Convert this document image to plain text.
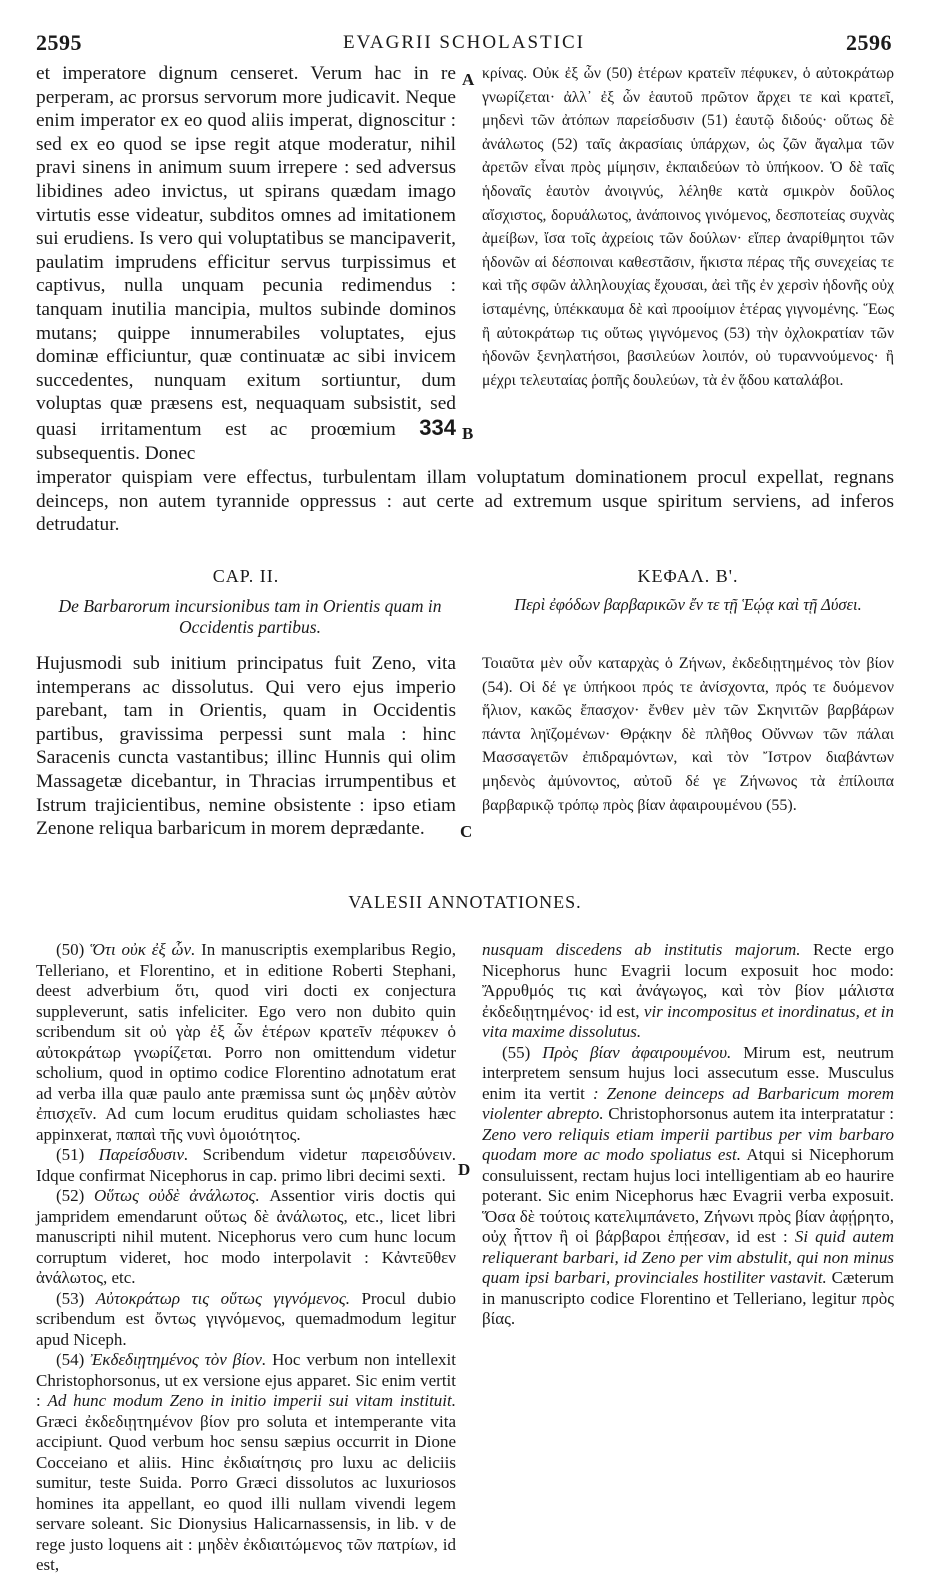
2595	EVAGRII SCHOLASTICI	2596
et imperatore dignum censeret. Verum hac in re perperam, ac prorsus servorum more judicavit. Neque enim imperator ex eo quod aliis imperat, dignoscitur : sed ex eo quod se ipse regit atque moderatur, nihil pravi sinens in animum suum irrepere : sed adversus libidines adeo invictus, ut spirans quædam imago virtutis esse videatur, subditos omnes ad imitationem sui erudiens. Is vero qui voluptatibus se mancipaverit, paulatim imprudens efficitur servus turpissimus et captivus, nulla unquam pecunia redimendus : tanquam inutilia mancipia, multos subinde dominos mutans; quippe innumerabiles voluptates, ejus dominæ efficiuntur, quæ continuatæ ac sibi invicem succedentes, nunquam exitum sortiuntur, dum voluptas quæ præsens est, nequaquam subsistit, sed quasi irritamentum est ac proœmium 334 subsequentis. Donec
κρίνας. Οὐκ ἐξ ὧν (50) ἑτέρων κρατεῖν πέφυκεν, ὁ αὐτοκράτωρ γνωρίζεται· ἀλλ᾽ ἐξ ὧν ἑαυτοῦ πρῶτον ἄρχει τε καὶ κρατεῖ, μηδενὶ τῶν ἀτόπων παρείσδυσιν (51) ἑαυτῷ διδούς· οὕτως δὲ ἀνάλωτος (52) ταῖς ἀκρασίαις ὑπάρχων, ὡς ζῶν ἄγαλμα τῶν ἀρετῶν εἶναι πρὸς μίμησιν, ἐκπαιδεύων τὸ ὑπήκοον. Ὁ δὲ ταῖς ἡδοναῖς ἑαυτὸν ἀνοιγνύς, λέληθε κατὰ σμικρὸν δοῦλος αἴσχιστος, δορυάλωτος, ἀνάποινος γινόμενος, δεσποτείας συχνὰς ἀμείβων, ἴσα τοῖς ἀχρείοις τῶν δούλων· εἴπερ ἀναρίθμητοι τῶν ἡδονῶν αἱ δέσποιναι καθεστᾶσιν, ἥκιστα πέρας τῆς συνεχείας τε καὶ τῆς σφῶν ἀλληλουχίας ἔχουσαι, ἀεὶ τῆς ἐν χερσὶν ἡδονῆς οὐχ ἱσταμένης, ὑπέκκαυμα δὲ καὶ προοίμιον ἑτέρας γιγνομένης. Ἕως ἢ αὐτοκράτωρ τις οὕτως γιγνόμενος (53) τὴν ὀχλοκρατίαν τῶν ἡδονῶν ξενηλατήσοι, βασιλεύων λοιπόν, οὐ τυραννούμενος· ἢ μέχρι τελευταίας ῥοπῆς δουλεύων, τὰ ἐν ᾅδου καταλάβοι.
imperator quispiam vere effectus, turbulentam illam voluptatum dominationem procul expellat, regnans deinceps, non autem tyrannide oppressus : aut certe ad extremum usque spiritum serviens, ad inferos detrudatur.
A
B
C
D
CAP. II.	ΚΕΦΑΛ. Β'.
De Barbarorum incursionibus tam in Orientis quam in Occidentis partibus.
Περὶ ἐφόδων βαρβαρικῶν ἔν τε τῇ Ἑῴᾳ καὶ τῇ Δύσει.
Hujusmodi sub initium principatus fuit Zeno, vita intemperans ac dissolutus. Qui vero ejus imperio parebant, tam in Orientis, quam in Occidentis partibus, gravissima perpessi sunt mala : hinc Saracenis cuncta vastantibus; illinc Hunnis qui olim Massagetæ dicebantur, in Thracias irrumpentibus et Istrum trajicientibus, nemine obsistente : ipso etiam Zenone reliqua barbaricum in morem deprædante.
Τοιαῦτα μὲν οὖν καταρχὰς ὁ Ζήνων, ἐκδεδιῃτημένος τὸν βίον (54). Οἱ δέ γε ὑπήκοοι πρός τε ἀνίσχοντα, πρός τε δυόμενον ἥλιον, κακῶς ἔπασχον· ἔνθεν μὲν τῶν Σκηνιτῶν βαρβάρων πάντα ληϊζομένων· Θρᾴκην δὲ πλῆθος Οὔννων τῶν πάλαι Μασσαγετῶν ἐπιδραμόντων, καὶ τὸν Ἴστρον διαβάντων μηδενὸς ἀμύνοντος, αὐτοῦ δέ γε Ζήνωνος τὰ ἐπίλοιπα βαρβαρικῷ τρόπῳ πρὸς βίαν ἀφαιρουμένου (55).
VALESII ANNOTATIONES.

(50) Ὅτι οὐκ ἐξ ὧν. In manuscriptis exemplaribus Regio, Telleriano, et Florentino, et in editione Roberti Stephani, deest adverbium ὅτι, quod viri docti ex conjectura suppleverunt, satis infeliciter. Ego vero non dubito quin scribendum sit οὐ γὰρ ἐξ ὧν ἑτέρων κρατεῖν πέφυκεν ὁ αὐτοκράτωρ γνωρίζεται. Porro non omittendum videtur scholium, quod in optimo codice Florentino adnotatum erat ad verba illa quæ paulo ante præmissa sunt ὡς μηδὲν αὐτὸν ἐπισχεῖν. Ad cum locum eruditus quidam scholiastes hæc appinxerat, παπαὶ τῆς νυνὶ ὁμοιότητος.

(51) Παρείσδυσιν. Scribendum videtur παρεισδύνειν. Idque confirmat Nicephorus in cap. primo libri decimi sexti.

(52) Οὕτως οὐδὲ ἀνάλωτος. Assentior viris doctis qui jampridem emendarunt οὕτως δὲ ἀνάλωτος, etc., licet libri manuscripti nihil mutent. Nicephorus vero cum hunc locum corruptum videret, hoc modo interpolavit : Κἀντεῦθεν ἀνάλωτος, etc.

(53) Αὐτοκράτωρ τις οὕτως γιγνόμενος. Procul dubio scribendum est ὄντως γιγνόμενος, quemadmodum legitur apud Niceph.

(54) Ἐκδεδιῃτημένος τὸν βίον. Hoc verbum non intellexit Christophorsonus, ut ex versione ejus apparet. Sic enim vertit : Ad hunc modum Zeno in initio imperii sui vitam instituit. Græci ἐκδεδιῃτημένον βίον pro soluta et intemperante vita accipiunt. Quod verbum hoc sensu sæpius occurrit in Dione Cocceiano et aliis. Hinc ἐκδιαίτησις pro luxu ac deliciis sumitur, teste Suida. Porro Græci dissolutos ac luxuriosos homines ita appellant, eo quod illi nullam vivendi legem servare soleant. Sic Dionysius Halicarnassensis, in lib. v de rege justo loquens ait : μηδὲν ἐκδιαιτώμενος τῶν πατρίων, id est,

nusquam discedens ab institutis majorum. Recte ergo Nicephorus hunc Evagrii locum exposuit hoc modo: Ἄρρυθμός τις καὶ ἀνάγωγος, καὶ τὸν βίον μάλιστα ἐκδεδιῃτημένος· id est, vir incompositus et inordinatus, et in vita maxime dissolutus.

(55) Πρὸς βίαν ἀφαιρουμένου. Mirum est, neutrum interpretem sensum hujus loci assecutum esse. Musculus enim ita vertit : Zenone deinceps ad Barbaricum morem violenter abrepto. Christophorsonus autem ita interpratatur : Zeno vero reliquis etiam imperii partibus per vim barbaro quodam more ac modo spoliatus est. Atqui si Nicephorum consuluissent, rectam hujus loci intelligentiam ab eo haurire poterant. Sic enim Nicephorus hæc Evagrii verba exposuit. Ὅσα δὲ τούτοις κατελιμπάνετο, Ζήνωνι πρὸς βίαν ἀφῄρητο, οὐχ ἧττον ἢ οἱ βάρβαροι ἐπῄεσαν, id est : Si quid autem reliquerant barbari, id Zeno per vim abstulit, qui non minus quam ipsi barbari, provinciales hostiliter vastavit. Cæterum in manuscripto codice Florentino et Telleriano, legitur πρὸς βίας.
